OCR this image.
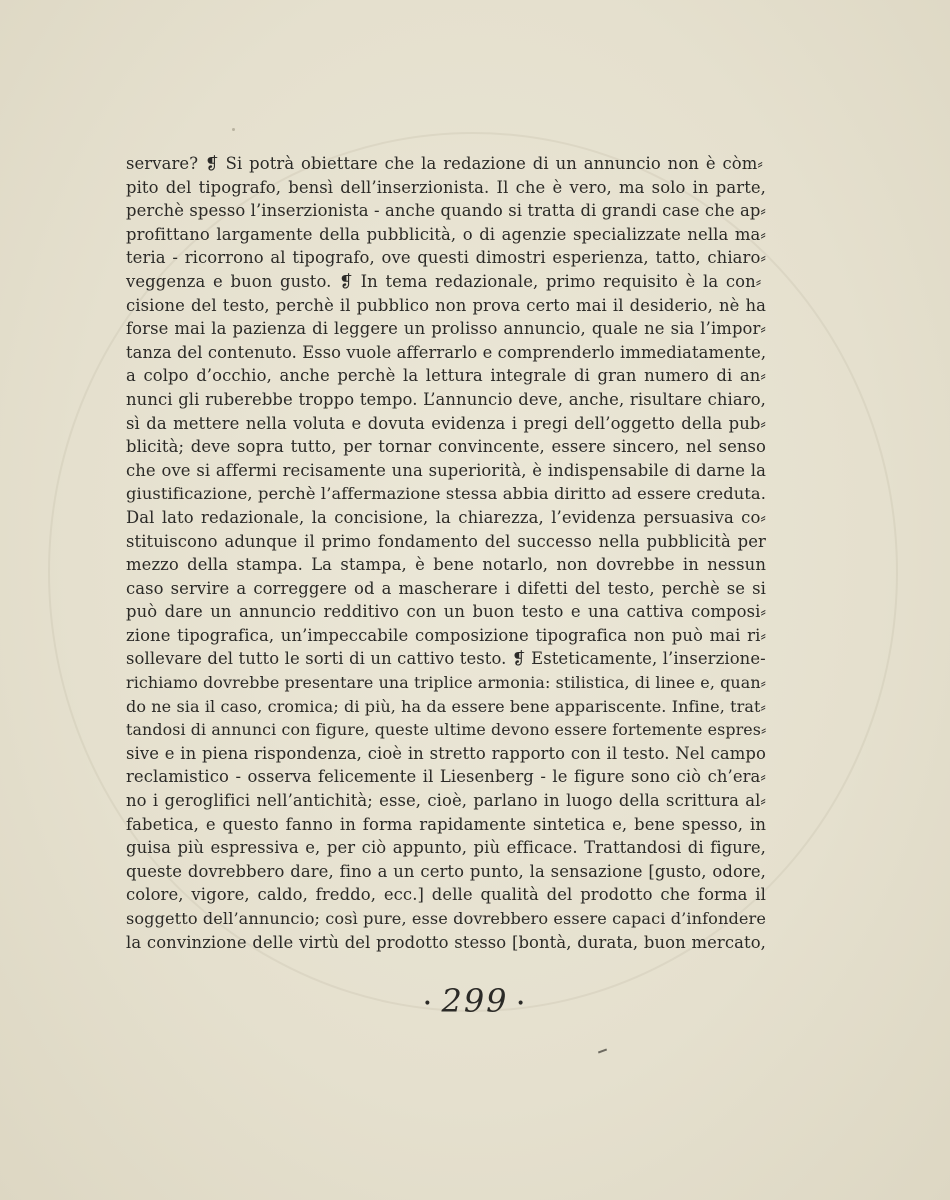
servare? ❡ Si potrà obiettare che la redazione di un annuncio non è còm⸗
pito del tipografo, bensì dell’inserzionista. Il che è vero, ma solo in parte,
perchè spesso l’inserzionista - anche quando si tratta di grandi case che ap⸗
profittano largamente della pubblicità, o di agenzie specializzate nella ma⸗
teria - ricorrono al tipografo, ove questi dimostri esperienza, tatto, chiaro⸗
veggenza e buon gusto. ❡ In tema redazionale, primo requisito è la con⸗
cisione del testo, perchè il pubblico non prova certo mai il desiderio, nè ha
forse mai la pazienza di leggere un prolisso annuncio, quale ne sia l’impor⸗
tanza del contenuto. Esso vuole afferrarlo e comprenderlo immediatamente,
a colpo d’occhio, anche perchè la lettura integrale di gran numero di an⸗
nunci gli ruberebbe troppo tempo. L’annuncio deve, anche, risultare chiaro,
sì da mettere nella voluta e dovuta evidenza i pregi dell’oggetto della pub⸗
blicità; deve sopra tutto, per tornar convincente, essere sincero, nel senso
che ove si affermi recisamente una superiorità, è indispensabile di darne la
giustificazione, perchè l’affermazione stessa abbia diritto ad essere creduta.
Dal lato redazionale, la concisione, la chiarezza, l’evidenza persuasiva co⸗
stituiscono adunque il primo fondamento del successo nella pubblicità per
mezzo della stampa. La stampa, è bene notarlo, non dovrebbe in nessun
caso servire a correggere od a mascherare i difetti del testo, perchè se si
può dare un annuncio redditivo con un buon testo e una cattiva composi⸗
zione tipografica, un’impeccabile composizione tipografica non può mai ri⸗
sollevare del tutto le sorti di un cattivo testo. ❡ Esteticamente, l’inserzione-
richiamo dovrebbe presentare una triplice armonia: stilistica, di linee e, quan⸗
do ne sia il caso, cromica; di più, ha da essere bene appariscente. Infine, trat⸗
tandosi di annunci con figure, queste ultime devono essere fortemente espres⸗
sive e in piena rispondenza, cioè in stretto rapporto con il testo. Nel campo
reclamistico - osserva felicemente il Liesenberg - le figure sono ciò ch’era⸗
no i geroglifici nell’antichità; esse, cioè, parlano in luogo della scrittura al⸗
fabetica, e questo fanno in forma rapidamente sintetica e, bene spesso, in
guisa più espressiva e, per ciò appunto, più efficace. Trattandosi di figure,
queste dovrebbero dare, fino a un certo punto, la sensazione [gusto, odore,
colore, vigore, caldo, freddo, ecc.] delle qualità del prodotto che forma il
soggetto dell’annuncio; così pure, esse dovrebbero essere capaci d’infondere
la convinzione delle virtù del prodotto stesso [bontà, durata, buon mercato,
• 299 •
